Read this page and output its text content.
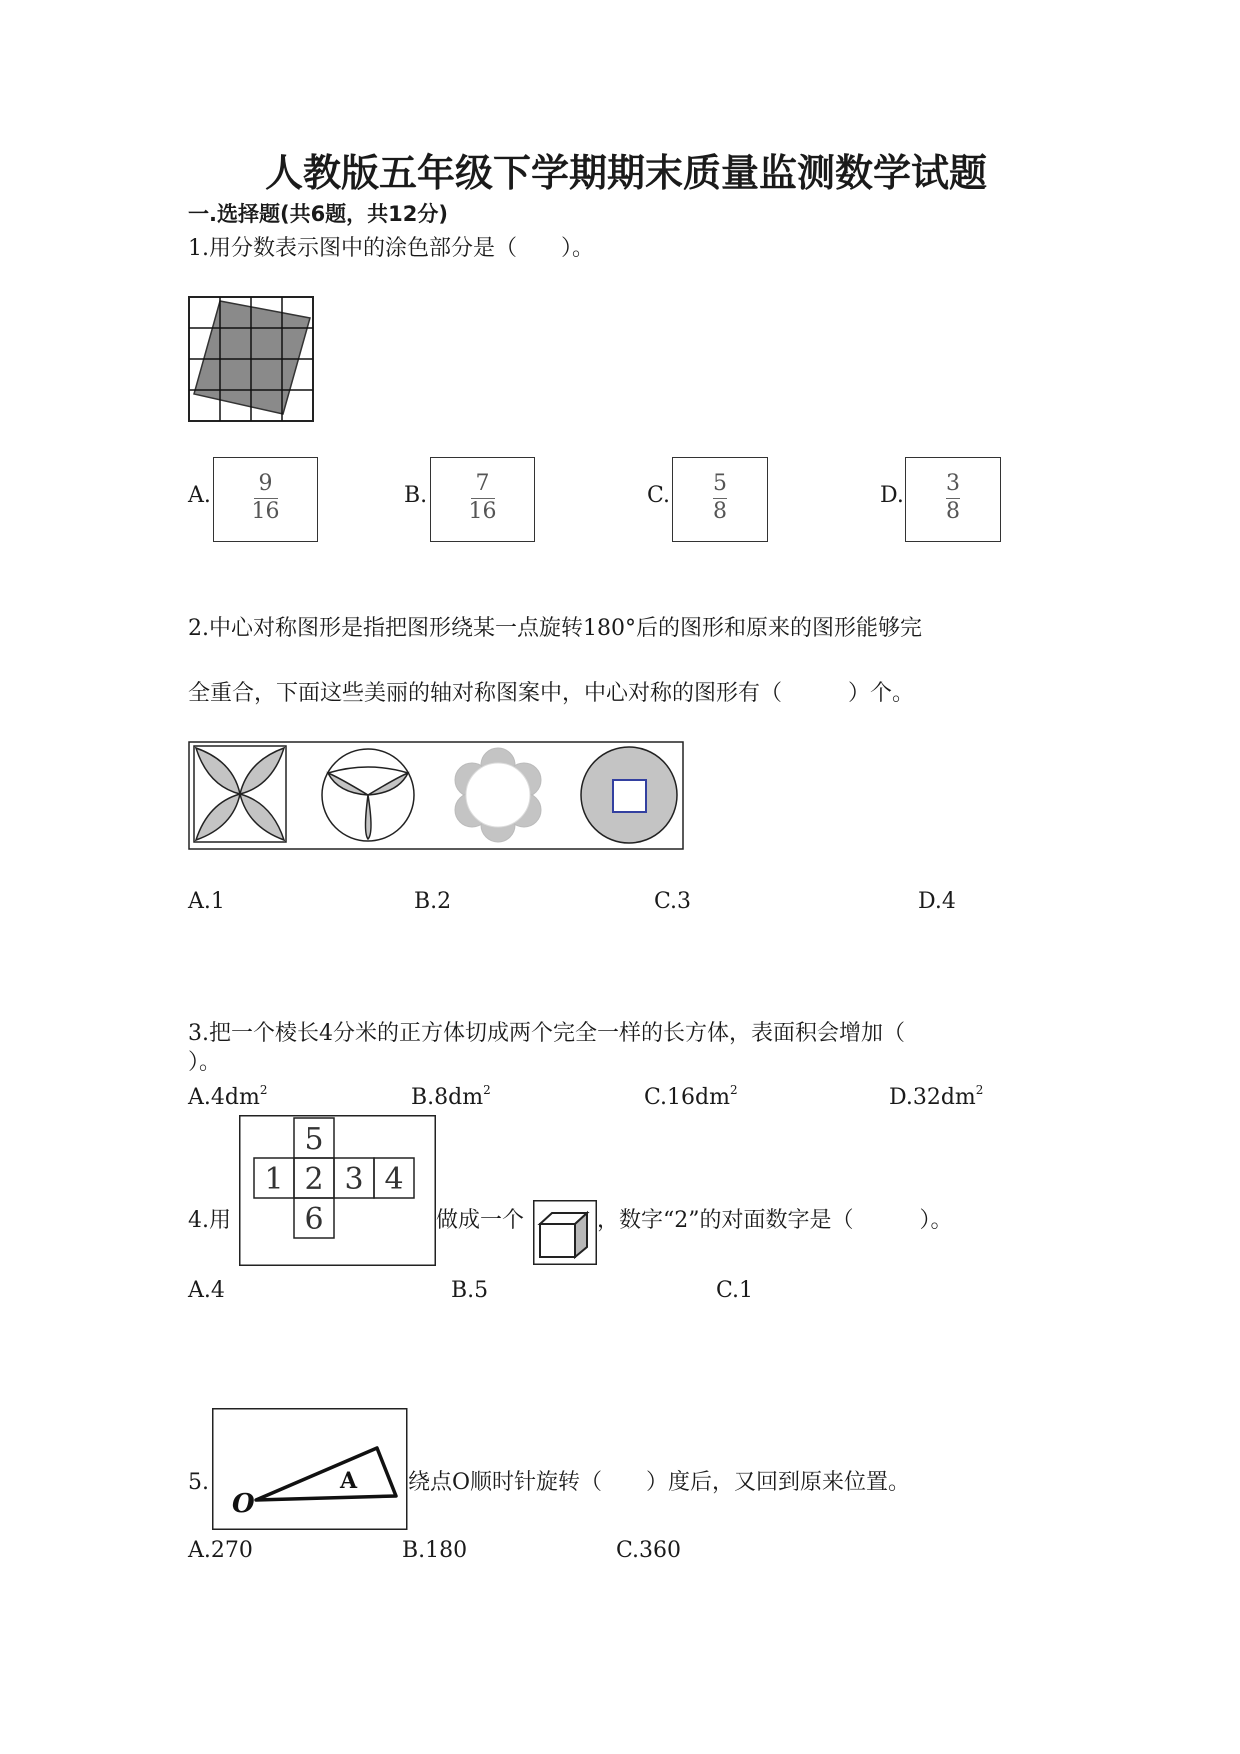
人教版五年级下学期期末质量监测数学试题
一.选择题(共6题，共12分)
1.用分数表示图中的涂色部分是（　　）。
A.	9
16
B.	7
16
C.	5
8
D.	3
8
2.中心对称图形是指把图形绕某一点旋转180°后的图形和原来的图形能够完
全重合，下面这些美丽的轴对称图案中，中心对称的图形有（　　　）个。
A.1	B.2	C.3	D.4
3.把一个棱长4分米的正方体切成两个完全一样的长方体，表面积会增加（
）。
$A.4dm^2$	$B.8dm^2$	$C.16dm^2$	$D.32dm^2$
4.用
5
1 2 3 4
6	做成一个	，数字“2”的对面数字是（　　　）。
A.4	B.5	C.1
5.
O
A 绕点O顺时针旋转（　　）度后，又回到原来位置。
A.270	B.180	C.360
